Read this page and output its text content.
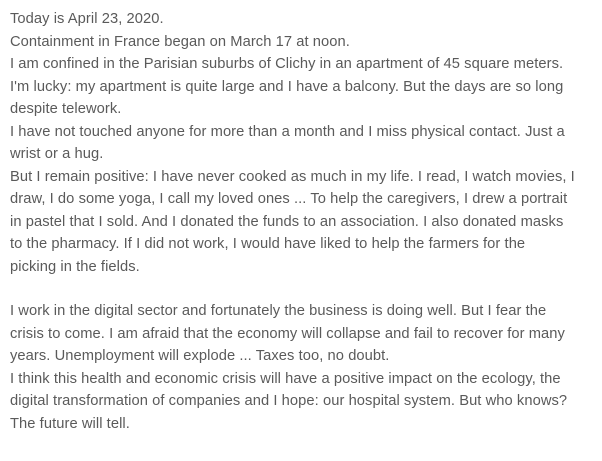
Today is April 23, 2020.
Containment in France began on March 17 at noon.
I am confined in the Parisian suburbs of Clichy in an apartment of 45 square meters.
I'm lucky: my apartment is quite large and I have a balcony. But the days are so long
despite telework.
I have not touched anyone for more than a month and I miss physical contact. Just a
wrist or a hug.
But I remain positive: I have never cooked as much in my life. I read, I watch movies, I
draw, I do some yoga, I call my loved ones ... To help the caregivers, I drew a portrait
in pastel that I sold. And I donated the funds to an association. I also donated masks
to the pharmacy. If I did not work, I would have liked to help the farmers for the
picking in the fields.
I work in the digital sector and fortunately the business is doing well. But I fear the
crisis to come. I am afraid that the economy will collapse and fail to recover for many
years. Unemployment will explode ... Taxes too, no doubt.
I think this health and economic crisis will have a positive impact on the ecology, the
digital transformation of companies and I hope: our hospital system. But who knows?
The future will tell.
